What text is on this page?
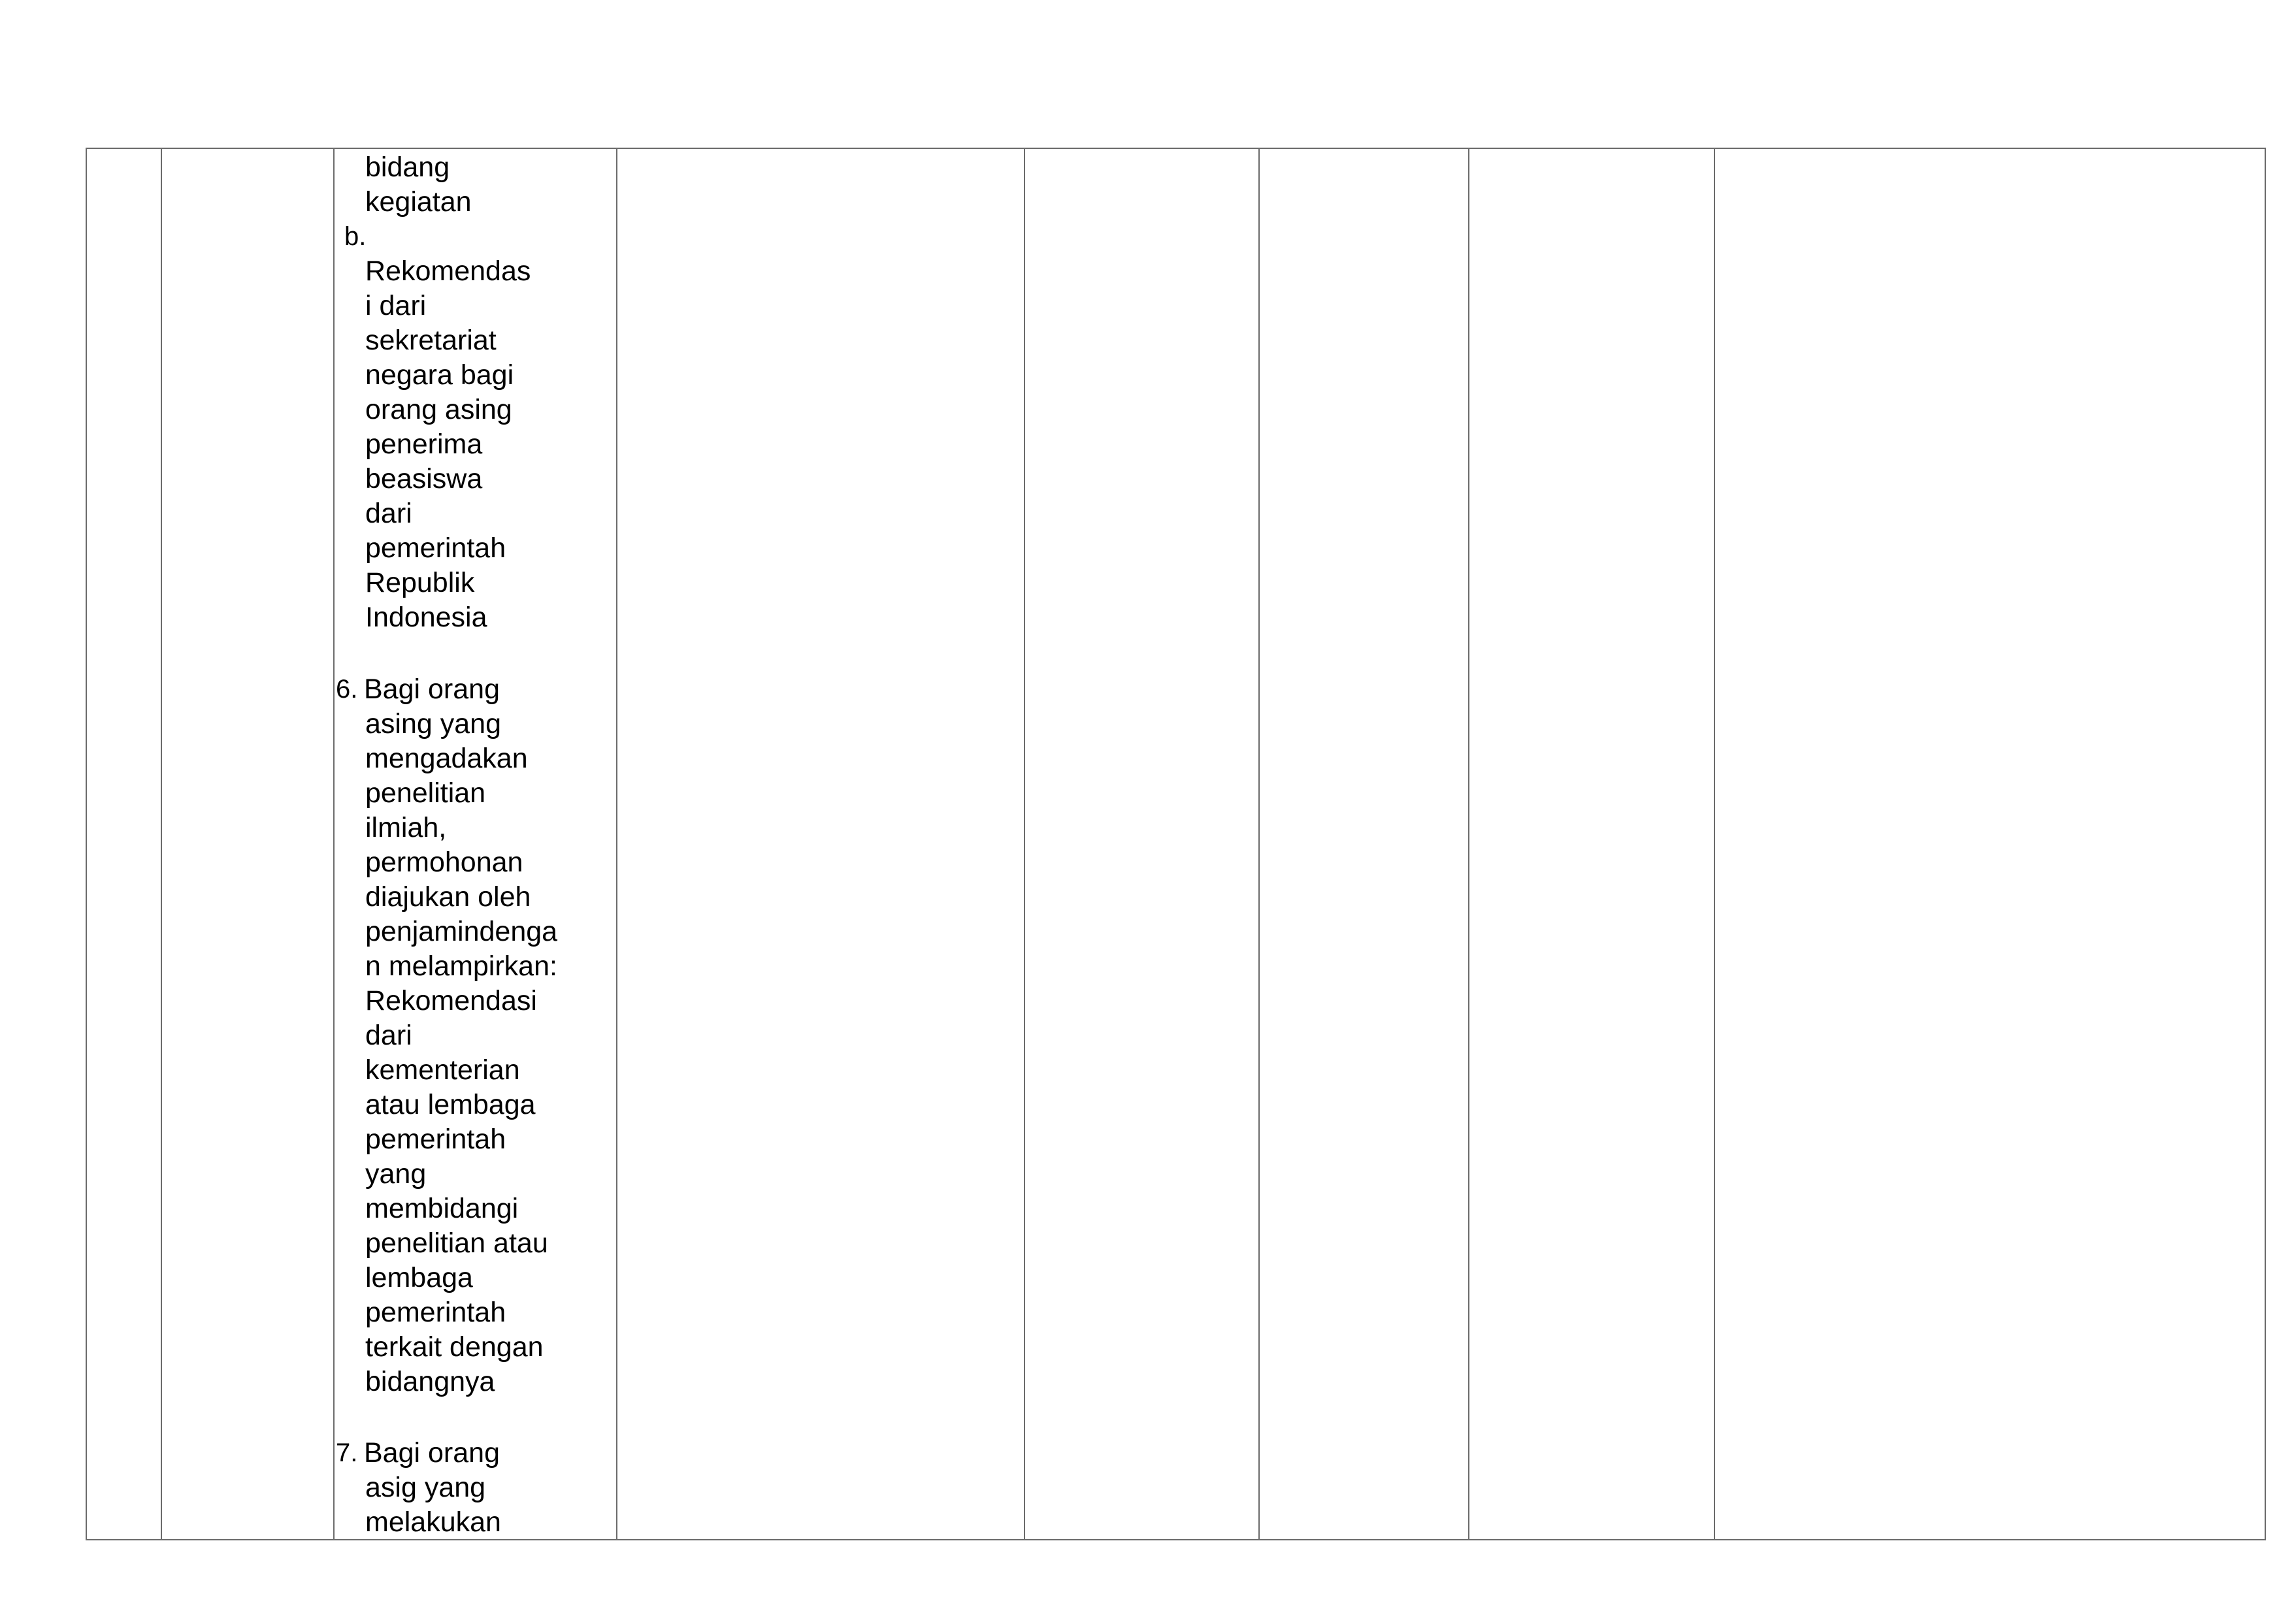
bidang
kegiatan
b.
Rekomendas
i dari
sekretariat
negara bagi
orang asing
penerima
beasiswa
dari
pemerintah
Republik
Indonesia
6. Bagi orang
asing yang
mengadakan
penelitian
ilmiah,
permohonan
diajukan oleh
penjamindenga
n melampirkan:
Rekomendasi
dari
kementerian
atau lembaga
pemerintah
yang
membidangi
penelitian atau
lembaga
pemerintah
terkait dengan
bidangnya
7. Bagi orang
asig yang
melakukan
